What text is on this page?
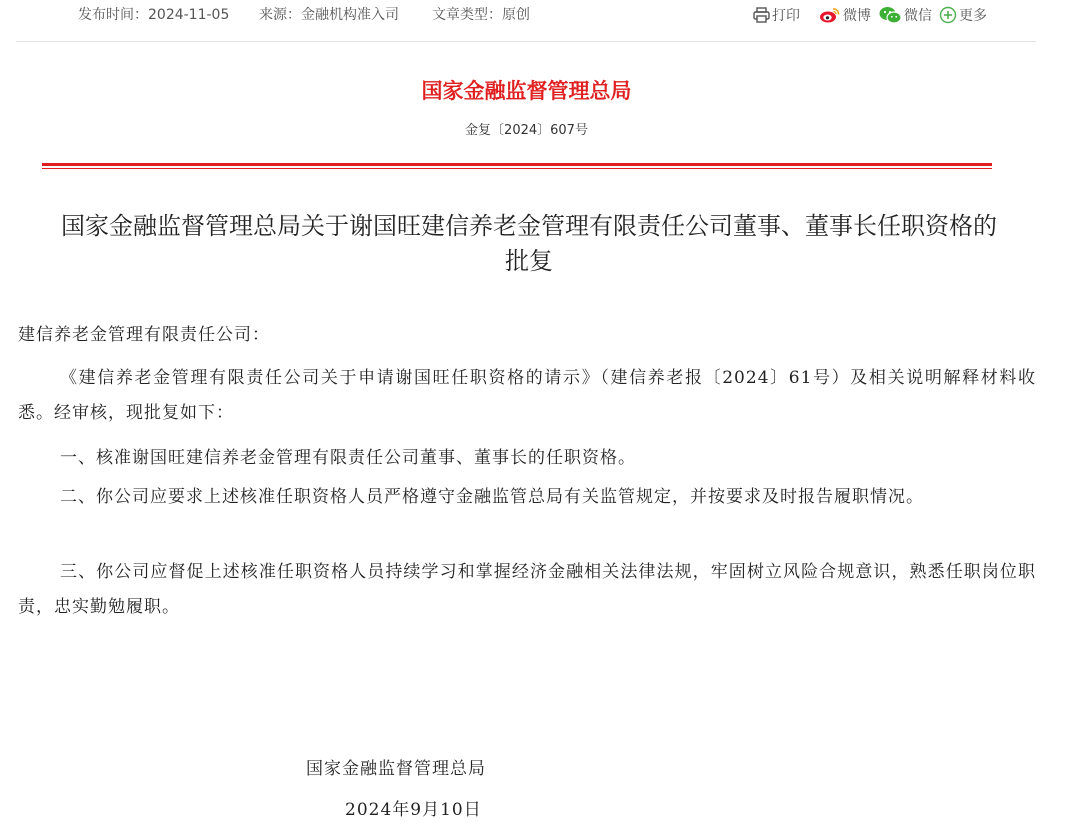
发布时间：2024-11-05 来源：金融机构准入司 文章类型：原创	打印	微博 微信 更多
国家金融监督管理总局
金复〔2024〕607号
国家金融监督管理总局关于谢国旺建信养老金管理有限责任公司董事、董事长任职资格的
批复
建信养老金管理有限责任公司：
《建信养老金管理有限责任公司关于申请谢国旺任职资格的请示》（建信养老报〔2024〕61号）及相关说明解释材料收悉。经审核，现批复如下：
一、核准谢国旺建信养老金管理有限责任公司董事、董事长的任职资格。
二、你公司应要求上述核准任职资格人员严格遵守金融监管总局有关监管规定，并按要求及时报告履职情况。
三、你公司应督促上述核准任职资格人员持续学习和掌握经济金融相关法律法规，牢固树立风险合规意识，熟悉任职岗位职责，忠实勤勉履职。
国家金融监督管理总局
2024年9月10日
